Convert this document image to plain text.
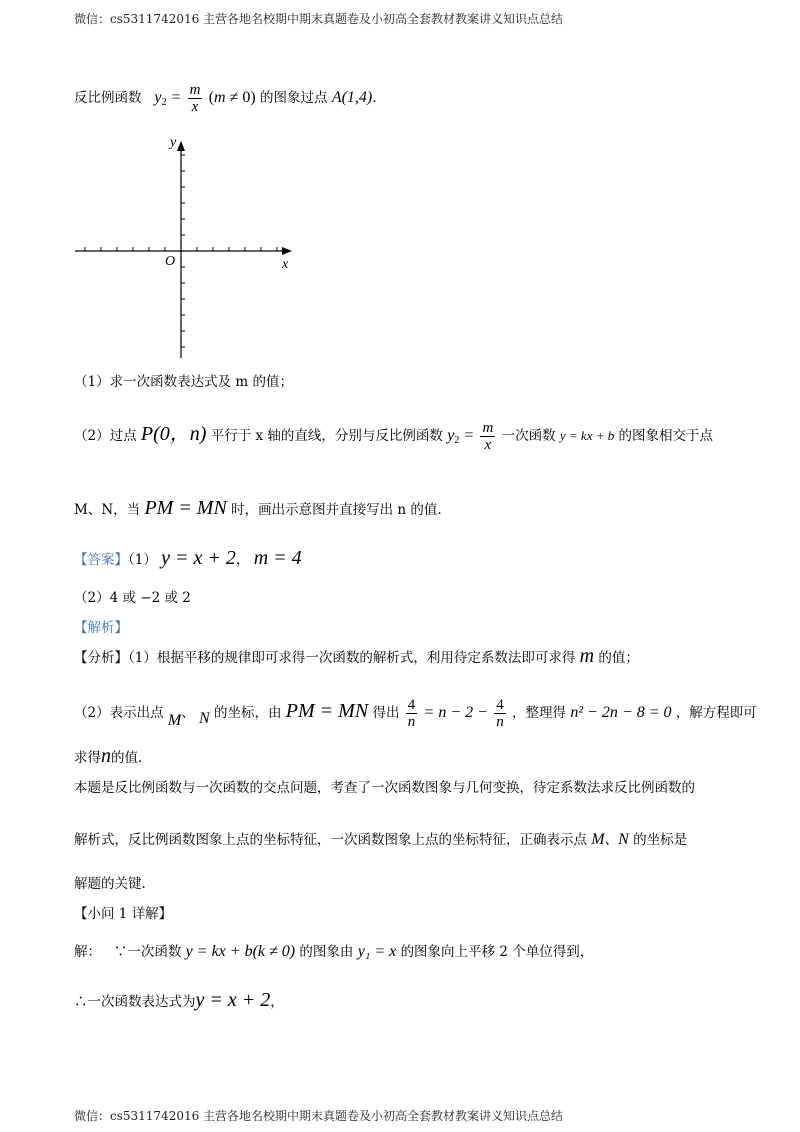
微信：cs5311742016 主营各地名校期中期末真题卷及小初高全套教材教案讲义知识点总结
反比例函数 $y_2 = \frac{m}{x} (m \ne 0)$ 的图象过点 A(1,4).
O	x
y
（1）求一次函数表达式及 m 的值；
（2）过点 P(0，n) 平行于 x 轴的直线，分别与反比例函数 $y_2 = \frac{m}{x}$ 一次函数 y = kx + b 的图象相交于点
M、N，当 PM = MN 时，画出示意图并直接写出 n 的值.
【答案】（1） y = x + 2， m = 4
（2）4 或 −2 或 2
【解析】
【分析】（1）根据平移的规律即可求得一次函数的解析式，利用待定系数法即可求得 m 的值；
（2）表示出点 M、 N 的坐标，由 PM = MN 得出 $\frac{4}{n} = n - 2 - \frac{4}{n}$ ，整理得 n² − 2n − 8 = 0 ，解方程即可
求得n的值.
本题是反比例函数与一次函数的交点问题，考查了一次函数图象与几何变换，待定系数法求反比例函数的
解析式，反比例函数图象上点的坐标特征，一次函数图象上点的坐标特征，正确表示点 M、N 的坐标是
解题的关键.
【小问 1 详解】
解： ∵一次函数 y = kx + b(k ≠ 0) 的图象由 y₁ = x 的图象向上平移 2 个单位得到，
∴一次函数表达式为y = x + 2，
微信：cs5311742016 主营各地名校期中期末真题卷及小初高全套教材教案讲义知识点总结
